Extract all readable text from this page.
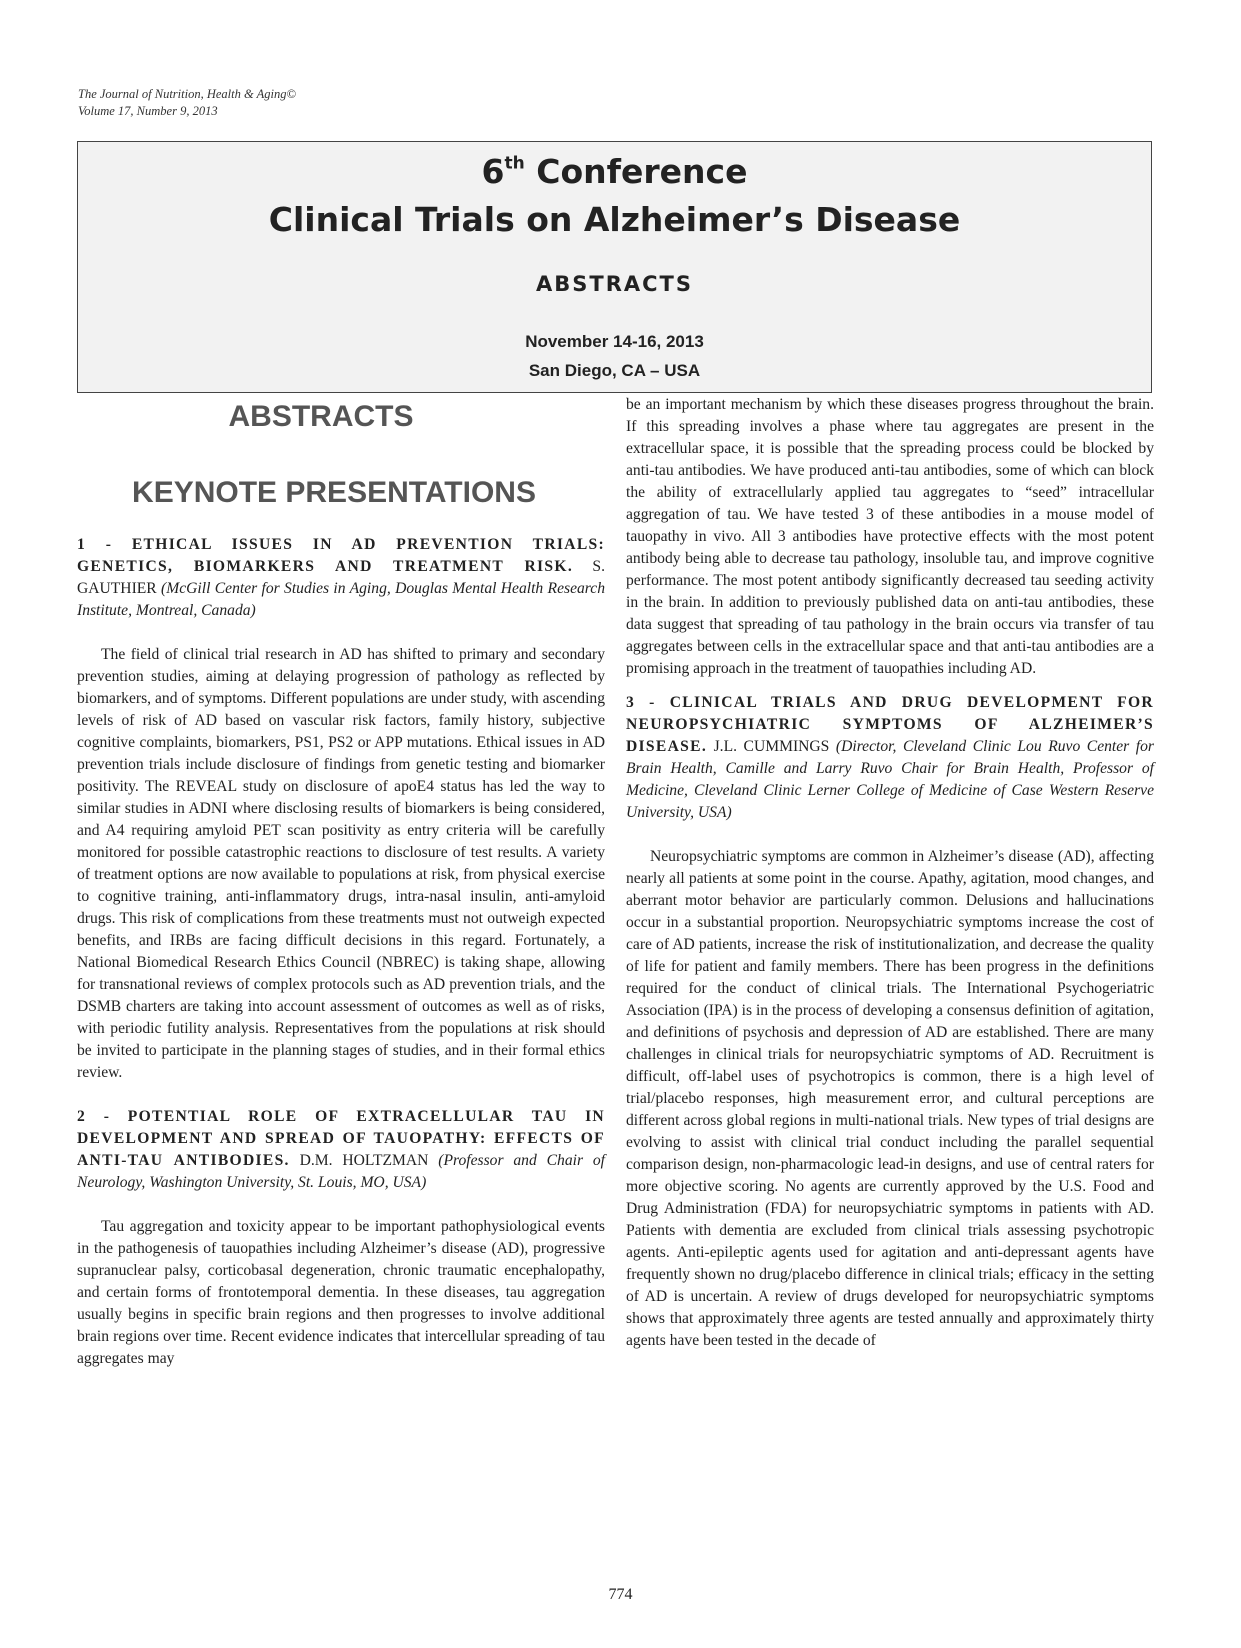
The Journal of Nutrition, Health & Aging©
Volume 17, Number 9, 2013
6th Conference
Clinical Trials on Alzheimer’s Disease
ABSTRACTS
November 14-16, 2013
San Diego, CA – USA
ABSTRACTS
KEYNOTE PRESENTATIONS

1 - ETHICAL ISSUES IN AD PREVENTION TRIALS: GENETICS, BIOMARKERS AND TREATMENT RISK. S. GAUTHIER (McGill Center for Studies in Aging, Douglas Mental Health Research Institute, Montreal, Canada)

The field of clinical trial research in AD has shifted to primary and secondary prevention studies, aiming at delaying progression of pathology as reflected by biomarkers, and of symptoms. Different populations are under study, with ascending levels of risk of AD based on vascular risk factors, family history, subjective cognitive complaints, biomarkers, PS1, PS2 or APP mutations. Ethical issues in AD prevention trials include disclosure of findings from genetic testing and biomarker positivity. The REVEAL study on disclosure of apoE4 status has led the way to similar studies in ADNI where disclosing results of biomarkers is being considered, and A4 requiring amyloid PET scan positivity as entry criteria will be carefully monitored for possible catastrophic reactions to disclosure of test results. A variety of treatment options are now available to populations at risk, from physical exercise to cognitive training, anti-inflammatory drugs, intra-nasal insulin, anti-amyloid drugs. This risk of complications from these treatments must not outweigh expected benefits, and IRBs are facing difficult decisions in this regard. Fortunately, a National Biomedical Research Ethics Council (NBREC) is taking shape, allowing for transnational reviews of complex protocols such as AD prevention trials, and the DSMB charters are taking into account assessment of outcomes as well as of risks, with periodic futility analysis. Representatives from the populations at risk should be invited to participate in the planning stages of studies, and in their formal ethics review.

2 - POTENTIAL ROLE OF EXTRACELLULAR TAU IN DEVELOPMENT AND SPREAD OF TAUOPATHY: EFFECTS OF ANTI-TAU ANTIBODIES. D.M. HOLTZMAN (Professor and Chair of Neurology, Washington University, St. Louis, MO, USA)

Tau aggregation and toxicity appear to be important pathophysiological events in the pathogenesis of tauopathies including Alzheimer’s disease (AD), progressive supranuclear palsy, corticobasal degeneration, chronic traumatic encephalopathy, and certain forms of frontotemporal dementia. In these diseases, tau aggregation usually begins in specific brain regions and then progresses to involve additional brain regions over time. Recent evidence indicates that intercellular spreading of tau aggregates may

be an important mechanism by which these diseases progress throughout the brain. If this spreading involves a phase where tau aggregates are present in the extracellular space, it is possible that the spreading process could be blocked by anti-tau antibodies. We have produced anti-tau antibodies, some of which can block the ability of extracellularly applied tau aggregates to “seed” intracellular aggregation of tau. We have tested 3 of these antibodies in a mouse model of tauopathy in vivo. All 3 antibodies have protective effects with the most potent antibody being able to decrease tau pathology, insoluble tau, and improve cognitive performance. The most potent antibody significantly decreased tau seeding activity in the brain. In addition to previously published data on anti-tau antibodies, these data suggest that spreading of tau pathology in the brain occurs via transfer of tau aggregates between cells in the extracellular space and that anti-tau antibodies are a promising approach in the treatment of tauopathies including AD.

3 - CLINICAL TRIALS AND DRUG DEVELOPMENT FOR NEUROPSYCHIATRIC SYMPTOMS OF ALZHEIMER’S DISEASE. J.L. CUMMINGS (Director, Cleveland Clinic Lou Ruvo Center for Brain Health, Camille and Larry Ruvo Chair for Brain Health, Professor of Medicine, Cleveland Clinic Lerner College of Medicine of Case Western Reserve University, USA)

Neuropsychiatric symptoms are common in Alzheimer’s disease (AD), affecting nearly all patients at some point in the course. Apathy, agitation, mood changes, and aberrant motor behavior are particularly common. Delusions and hallucinations occur in a substantial proportion. Neuropsychiatric symptoms increase the cost of care of AD patients, increase the risk of institutionalization, and decrease the quality of life for patient and family members. There has been progress in the definitions required for the conduct of clinical trials. The International Psychogeriatric Association (IPA) is in the process of developing a consensus definition of agitation, and definitions of psychosis and depression of AD are established. There are many challenges in clinical trials for neuropsychiatric symptoms of AD. Recruitment is difficult, off-label uses of psychotropics is common, there is a high level of trial/placebo responses, high measurement error, and cultural perceptions are different across global regions in multi-national trials. New types of trial designs are evolving to assist with clinical trial conduct including the parallel sequential comparison design, non-pharmacologic lead-in designs, and use of central raters for more objective scoring. No agents are currently approved by the U.S. Food and Drug Administration (FDA) for neuropsychiatric symptoms in patients with AD. Patients with dementia are excluded from clinical trials assessing psychotropic agents. Anti-epileptic agents used for agitation and anti-depressant agents have frequently shown no drug/placebo difference in clinical trials; efficacy in the setting of AD is uncertain. A review of drugs developed for neuropsychiatric symptoms shows that approximately three agents are tested annually and approximately thirty agents have been tested in the decade of

774
